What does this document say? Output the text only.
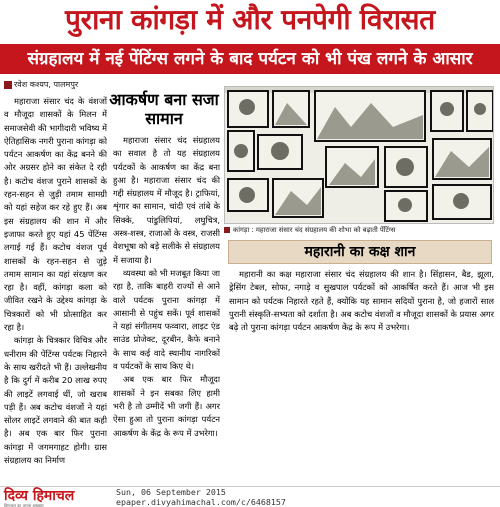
पुराना कांगड़ा में और पनपेगी विरासत
संग्रहालय में नई पेंटिंग्स लगने के बाद पर्यटन को भी पंख लगने के आसार
रवेश कश्यप, पालमपुर

महाराजा संसार चंद के वंशजों व मौजूदा शासकों के मिलन में समाजसेवी की भागीदारी भविष्य में ऐतिहासिक नगरी पुराना कांगड़ा को पर्यटन आकर्षण का केंद्र बनने की ओर अग्रसर होने का संकेत दे रही है। कटोच वंशज पुराने शासकों के रहन-सहन से जुड़ी तमाम सामग्री को यहां सहेज कर रहे हुए हैं। अब इस संग्रहालय की शान में और इजाफा करते हुए यहां 45 पेंटिंग्स लगाई गई हैं। कटोच वंशज पूर्व शासकों के रहन-सहन से जुड़े तमाम सामान का यहां संरक्षण कर रहा है। वहीं, कांगड़ा कला को जीवित रखने के उद्देश्य कांगड़ा के चित्रकारों को भी प्रोत्साहित कर रहा है।

कांगड़ा के चित्रकार विचित्र और धनीराम की पेंटिंग्स पर्यटक निहारने के साथ खरीदते भी हैं। उल्लेखनीय है कि दुर्ग में करीब 20 लाख रुपए की लाइटें लगवाई थीं, जो खराब पड़ी हैं। अब कटोच वंशजों ने यहां सोलर लाइटें लगवाने की बात कही है। अब एक बार फिर पुराना कांगड़ा में जगमगाहट होगी। ग्रास संग्रहालय का निर्माण

आकर्षण बना सजा सामान

महाराजा संसार चंद संग्रहालय का सवाल है तो यह संग्रहालय पर्यटकों के आकर्षण का केंद्र बना हुआ है। महाराजा संसार चंद की गद्दी संग्रहालय में मौजूद है। ट्राफियां, शृंगार का सामान, चांदी एवं तांबे के सिक्के, पांडुलिपियां, लघुचित्र, अस्त्र-शस्त्र, राजाओं के वस्त्र, राजसी वेशभूषा को बड़े सलीके से संग्रहालय में सजाया है।

व्यवस्था को भी मजबूत किया जा रहा है, ताकि बाहरी राज्यों से आने वाले पर्यटक पुराना कांगड़ा में आसानी से पहुंच सकें। पूर्व शासकों ने यहां संगीतमय फव्वारा, लाइट एंड साउंड प्रोजेक्ट, दूरबीन, कैफे बनाने के साथ कई वादे स्थानीय नागरिकों व पर्यटकों के साथ किए थे।

अब एक बार फिर मौजूदा शासकों ने इन सबका लिए हामी भरी है तो उम्मीदें भी जगी हैं। अगर ऐसा हुआ तो पुराना कांगड़ा पर्यटन आकर्षण के केंद्र के रूप में उभरेगा।

कांगड़ा : महाराजा संसार चंद संग्रहालय की शोभा को बढ़ाती पेंटिंग्स
महारानी का कक्ष शान

महारानी का कक्ष महाराजा संसार चंद संग्रहालय की शान है। सिंहासन, बैड, झूला, ड्रेसिंग टेबल, सोफा, नगाड़े व सुखपाल पर्यटकों को आकर्षित करते हैं। आज भी इस सामान को पर्यटक निहारते रहते हैं, क्योंकि यह सामान सदियों पुराना है, जो हजारों साल पुरानी संस्कृति-सभ्यता को दर्शाता है। अब कटोच वंशजों व मौजूदा शासकों के प्रयास अगर बढ़े तो पुराना कांगड़ा पर्यटन आकर्षण केंद्र के रूप में उभरेगा।

दिव्य हिमाचल
हिमाचल का अपना अखबार
Sun, 06 September 2015
epaper.divyahimachal.com/c/6468157
